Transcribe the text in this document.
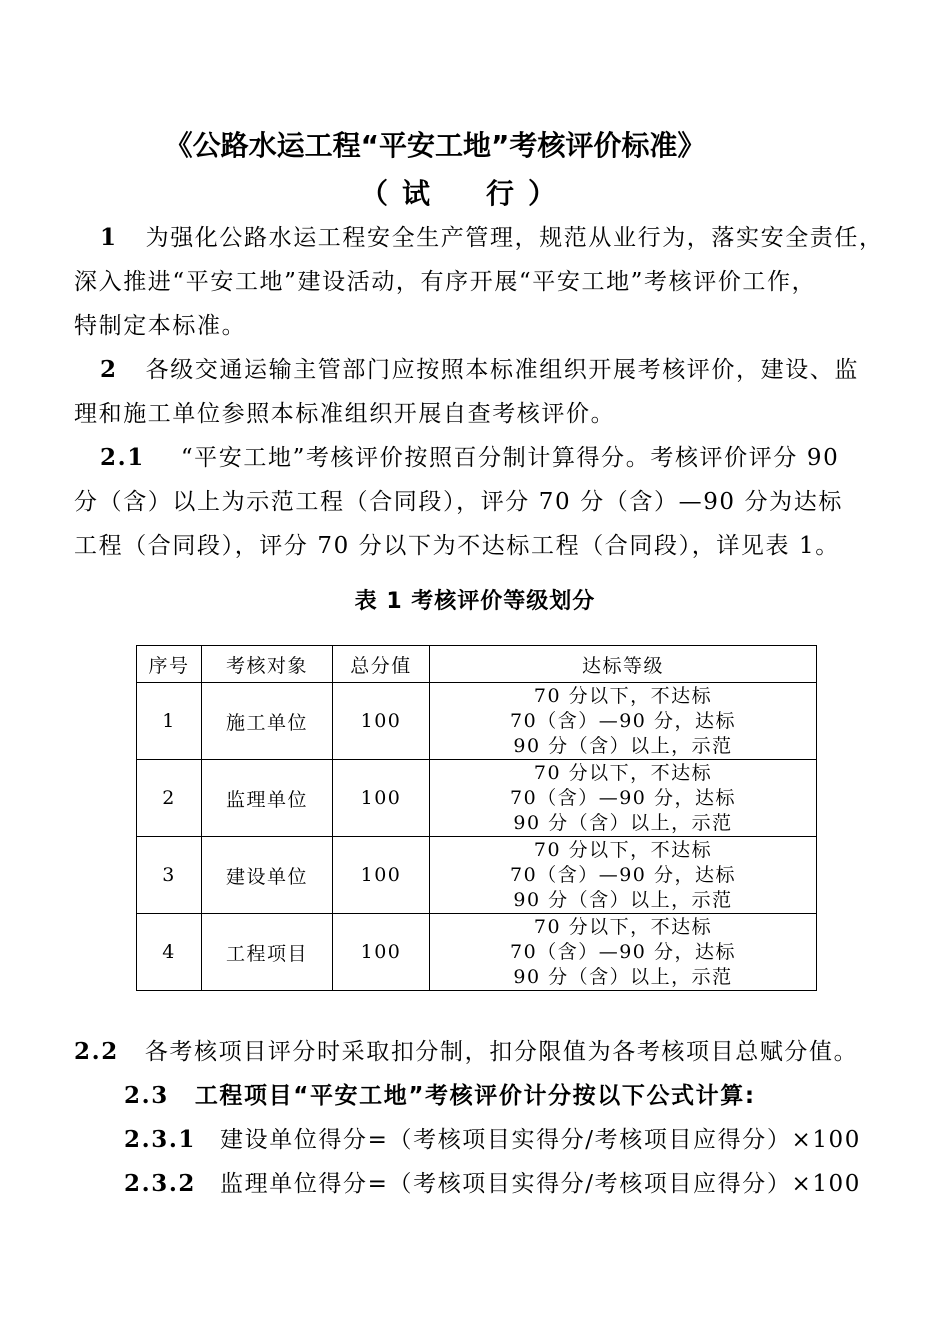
《公路水运工程“平安工地”考核评价标准》
（试　行）
1 为强化公路水运工程安全生产管理，规范从业行为，落实安全责任，
深入推进“平安工地”建设活动，有序开展“平安工地”考核评价工作，
特制定本标准。
2 各级交通运输主管部门应按照本标准组织开展考核评价，建设、监
理和施工单位参照本标准组织开展自查考核评价。
2.1 “平安工地”考核评价按照百分制计算得分。考核评价评分 90
分（含）以上为示范工程（合同段），评分 70 分（含）—90 分为达标
工程（合同段），评分 70 分以下为不达标工程（合同段），详见表 1。
表 1 考核评价等级划分
序号	考核对象	总分值	达标等级
1	施工单位	100	70 分以下，不达标
70（含）—90 分，达标
90 分（含）以上，示范

2	监理单位	100	70 分以下，不达标
70（含）—90 分，达标
90 分（含）以上，示范

3	建设单位	100	70 分以下，不达标
70（含）—90 分，达标
90 分（含）以上，示范

4	工程项目	100	70 分以下，不达标
70（含）—90 分，达标
90 分（含）以上，示范
2.2 各考核项目评分时采取扣分制，扣分限值为各考核项目总赋分值。
2.3 工程项目“平安工地”考核评价计分按以下公式计算:
2.3.1 建设单位得分=（考核项目实得分/考核项目应得分）×100
2.3.2 监理单位得分=（考核项目实得分/考核项目应得分）×100
